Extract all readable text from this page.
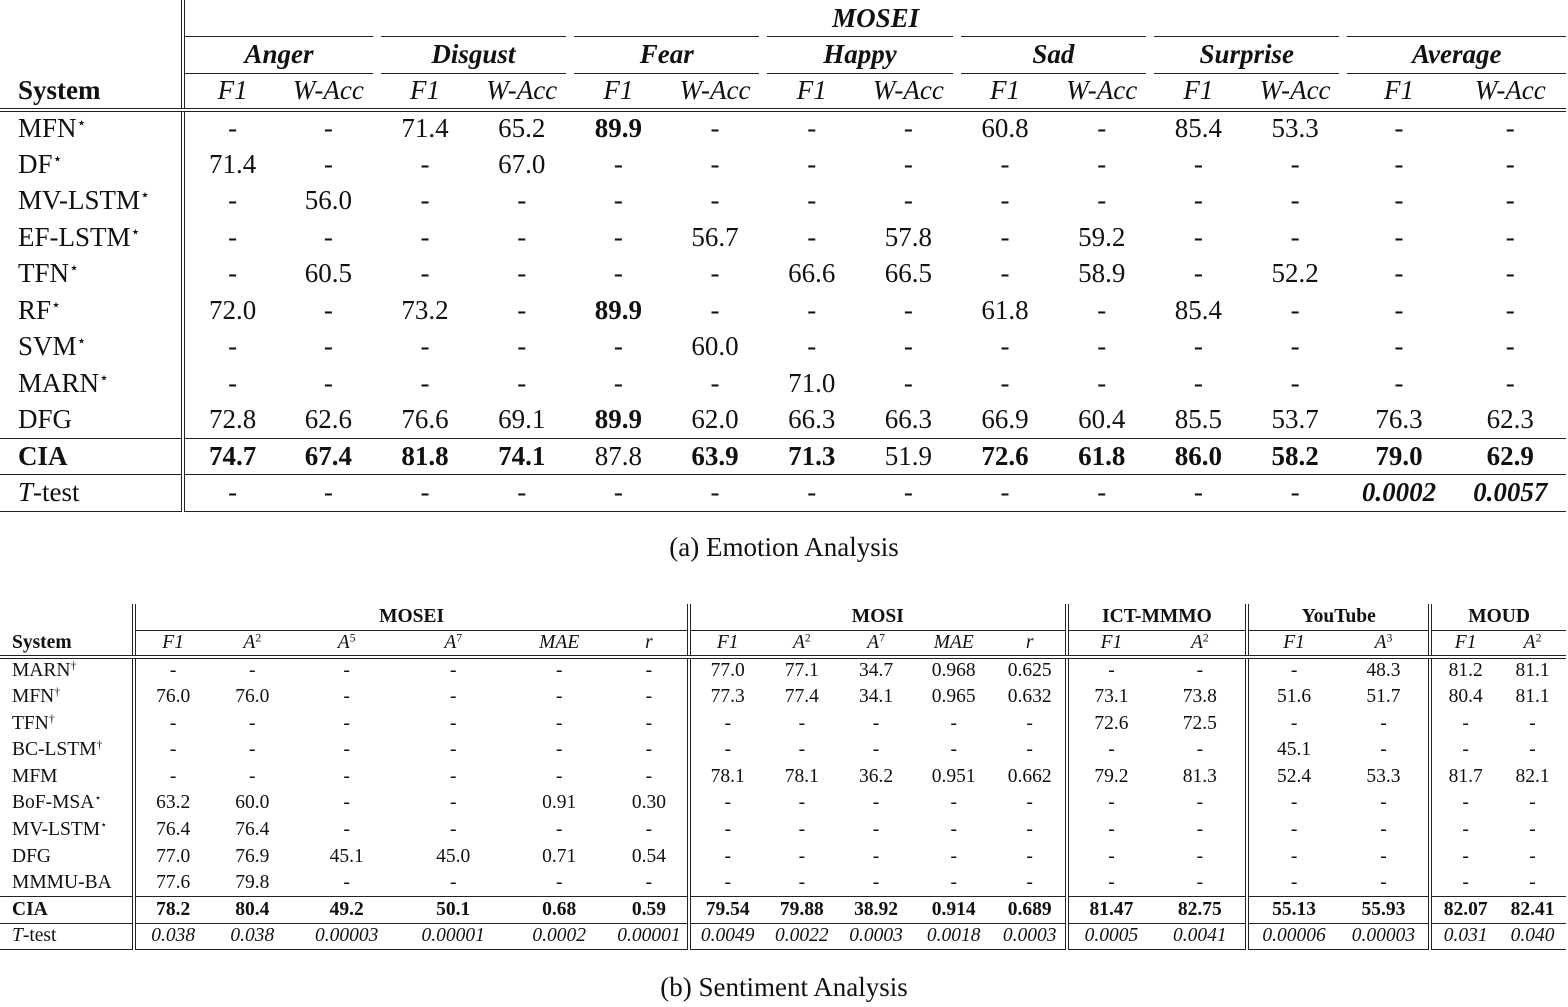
	MOSEI													
	Anger		Disgust		Fear		Happy		Sad		Surprise		Average	
System	F1	W-Acc	F1	W-Acc	F1	W-Acc	F1	W-Acc	F1	W-Acc	F1	W-Acc	F1	W-Acc
MFN⋆	-	-	71.4	65.2	89.9	-	-	-	60.8	-	85.4	53.3	-	-
DF⋆	71.4	-	-	67.0	-	-	-	-	-	-	-	-	-	-
MV-LSTM⋆	-	56.0	-	-	-	-	-	-	-	-	-	-	-	-
EF-LSTM⋆	-	-	-	-	-	56.7	-	57.8	-	59.2	-	-	-	-
TFN⋆	-	60.5	-	-	-	-	66.6	66.5	-	58.9	-	52.2	-	-
RF⋆	72.0	-	73.2	-	89.9	-	-	-	61.8	-	85.4	-	-	-
SVM⋆	-	-	-	-	-	60.0	-	-	-	-	-	-	-	-
MARN⋆	-	-	-	-	-	-	71.0	-	-	-	-	-	-	-
DFG	72.8	62.6	76.6	69.1	89.9	62.0	66.3	66.3	66.9	60.4	85.5	53.7	76.3	62.3
CIA	74.7	67.4	81.8	74.1	87.8	63.9	71.3	51.9	72.6	61.8	86.0	58.2	79.0	62.9
T-test	-	-	-	-	-	-	-	-	-	-	-	-	0.0002	0.0057
(a) Emotion Analysis
	MOSEI						MOSI					ICT-MMMO		YouTube		MOUD	
System	F1	$A^2$	$A^5$	$A^7$	MAE	r	F1	$A^2$	$A^7$	MAE	r	F1	$A^2$	F1	$A^3$	F1	$A^2$
MARN†	-	-	-	-	-	-	77.0	77.1	34.7	0.968	0.625	-	-	-	48.3	81.2	81.1
MFN†	76.0	76.0	-	-	-	-	77.3	77.4	34.1	0.965	0.632	73.1	73.8	51.6	51.7	80.4	81.1
TFN†	-	-	-	-	-	-	-	-	-	-	-	72.6	72.5	-	-	-	-
BC-LSTM†	-	-	-	-	-	-	-	-	-	-	-	-	-	45.1	-	-	-
MFM	-	-	-	-	-	-	78.1	78.1	36.2	0.951	0.662	79.2	81.3	52.4	53.3	81.7	82.1
BoF-MSA⋆	63.2	60.0	-	-	0.91	0.30	-	-	-	-	-	-	-	-	-	-	-
MV-LSTM⋆	76.4	76.4	-	-	-	-	-	-	-	-	-	-	-	-	-	-	-
DFG	77.0	76.9	45.1	45.0	0.71	0.54	-	-	-	-	-	-	-	-	-	-	-
MMMU-BA	77.6	79.8	-	-	-	-	-	-	-	-	-	-	-	-	-	-	-
CIA	78.2	80.4	49.2	50.1	0.68	0.59	79.54	79.88	38.92	0.914	0.689	81.47	82.75	55.13	55.93	82.07	82.41
T-test	0.038	0.038	0.00003	0.00001	0.0002	0.00001	0.0049	0.0022	0.0003	0.0018	0.0003	0.0005	0.0041	0.00006	0.00003	0.031	0.040
(b) Sentiment Analysis
